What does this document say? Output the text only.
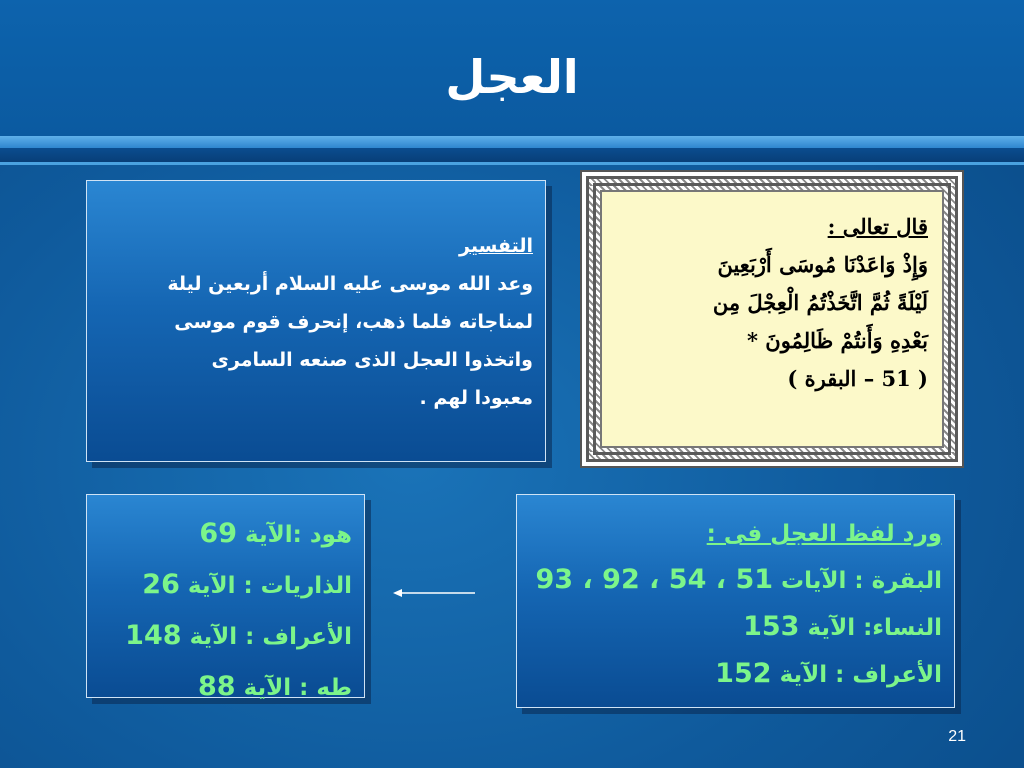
العجل

التفسير

وعد الله موسى عليه السلام أربعين ليلة

لمناجاته فلما ذهب، إنحرف قوم موسى

واتخذوا العجل الذى صنعه السامرى

معبودا لهم .

قال تعالى :
وَإِذْ وَاعَدْنَا مُوسَى أَرْبَعِينَ
لَيْلَةً ثُمَّ اتَّخَذْتُمُ الْعِجْلَ مِن
بَعْدِهِ وَأَنتُمْ ظَالِمُونَ *
( 51 – البقرة )
هود :الآية 69
الذاريات : الآية 26
الأعراف : الآية 148
طه : الآية 88
ورد لفظ العجل فى :
البقرة : الآيات 51 ، 54 ، 92 ، 93
النساء: الآية 153
الأعراف : الآية 152
21
